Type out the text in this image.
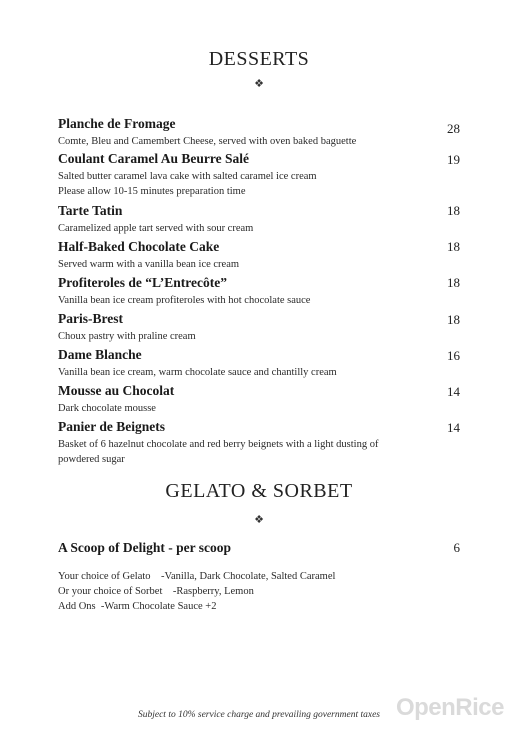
DESSERTS
❖
Planche de Fromage
Comte, Bleu and Camembert Cheese, served with oven baked baguette
28
Coulant Caramel Au Beurre Salé
Salted butter caramel lava cake with salted caramel ice cream
Please allow 10-15 minutes preparation time
19
Tarte Tatin
Caramelized apple tart served with sour cream
18
Half-Baked Chocolate Cake
Served warm with a vanilla bean ice cream
18
Profiteroles de “L’Entrecôte”
Vanilla bean ice cream profiteroles with hot chocolate sauce
18
Paris-Brest
Choux pastry with praline cream
18
Dame Blanche
Vanilla bean ice cream, warm chocolate sauce and chantilly cream
16
Mousse au Chocolat
Dark chocolate mousse
14
Panier de Beignets
Basket of 6 hazelnut chocolate and red berry beignets with a light dusting of
powdered sugar
14
GELATO & SORBET
❖
A Scoop of Delight - per scoop	6
Your choice of Gelato    -Vanilla, Dark Chocolate, Salted Caramel
Or your choice of Sorbet    -Raspberry, Lemon
Add Ons  -Warm Chocolate Sauce +2
Subject to 10% service charge and prevailing government taxes OpenRice
